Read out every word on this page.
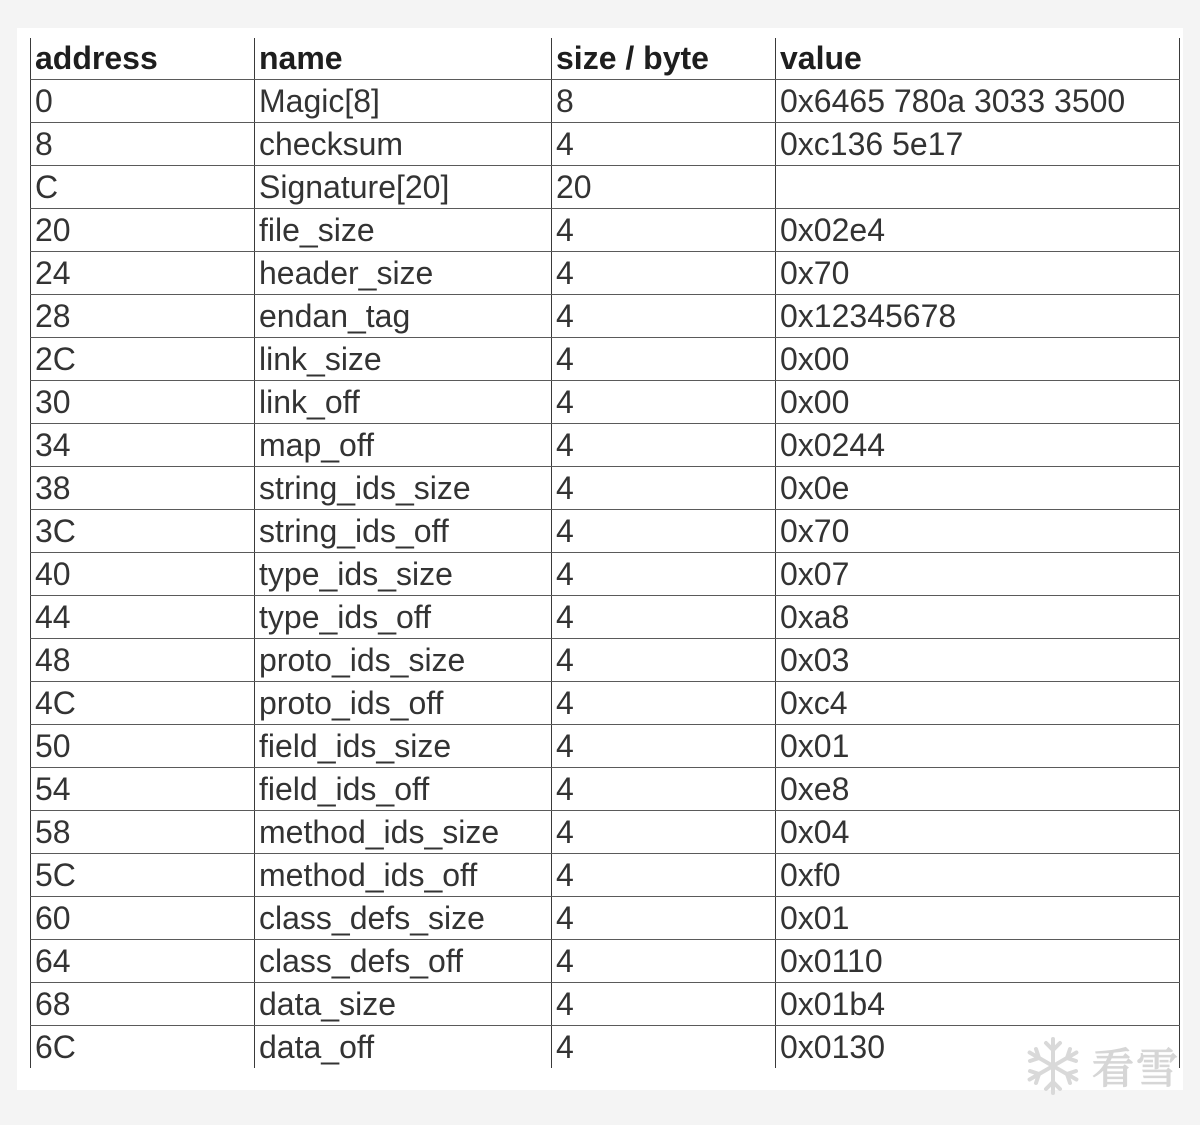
address	name	size / byte	value
0	Magic[8]	8	0x6465 780a 3033 3500
8	checksum	4	0xc136 5e17
C	Signature[20]	20	
20	file_size	4	0x02e4
24	header_size	4	0x70
28	endan_tag	4	0x12345678
2C	link_size	4	0x00
30	link_off	4	0x00
34	map_off	4	0x0244
38	string_ids_size	4	0x0e
3C	string_ids_off	4	0x70
40	type_ids_size	4	0x07
44	type_ids_off	4	0xa8
48	proto_ids_size	4	0x03
4C	proto_ids_off	4	0xc4
50	field_ids_size	4	0x01
54	field_ids_off	4	0xe8
58	method_ids_size	4	0x04
5C	method_ids_off	4	0xf0
60	class_defs_size	4	0x01
64	class_defs_off	4	0x0110
68	data_size	4	0x01b4
6C	data_off	4	0x0130	看雪
